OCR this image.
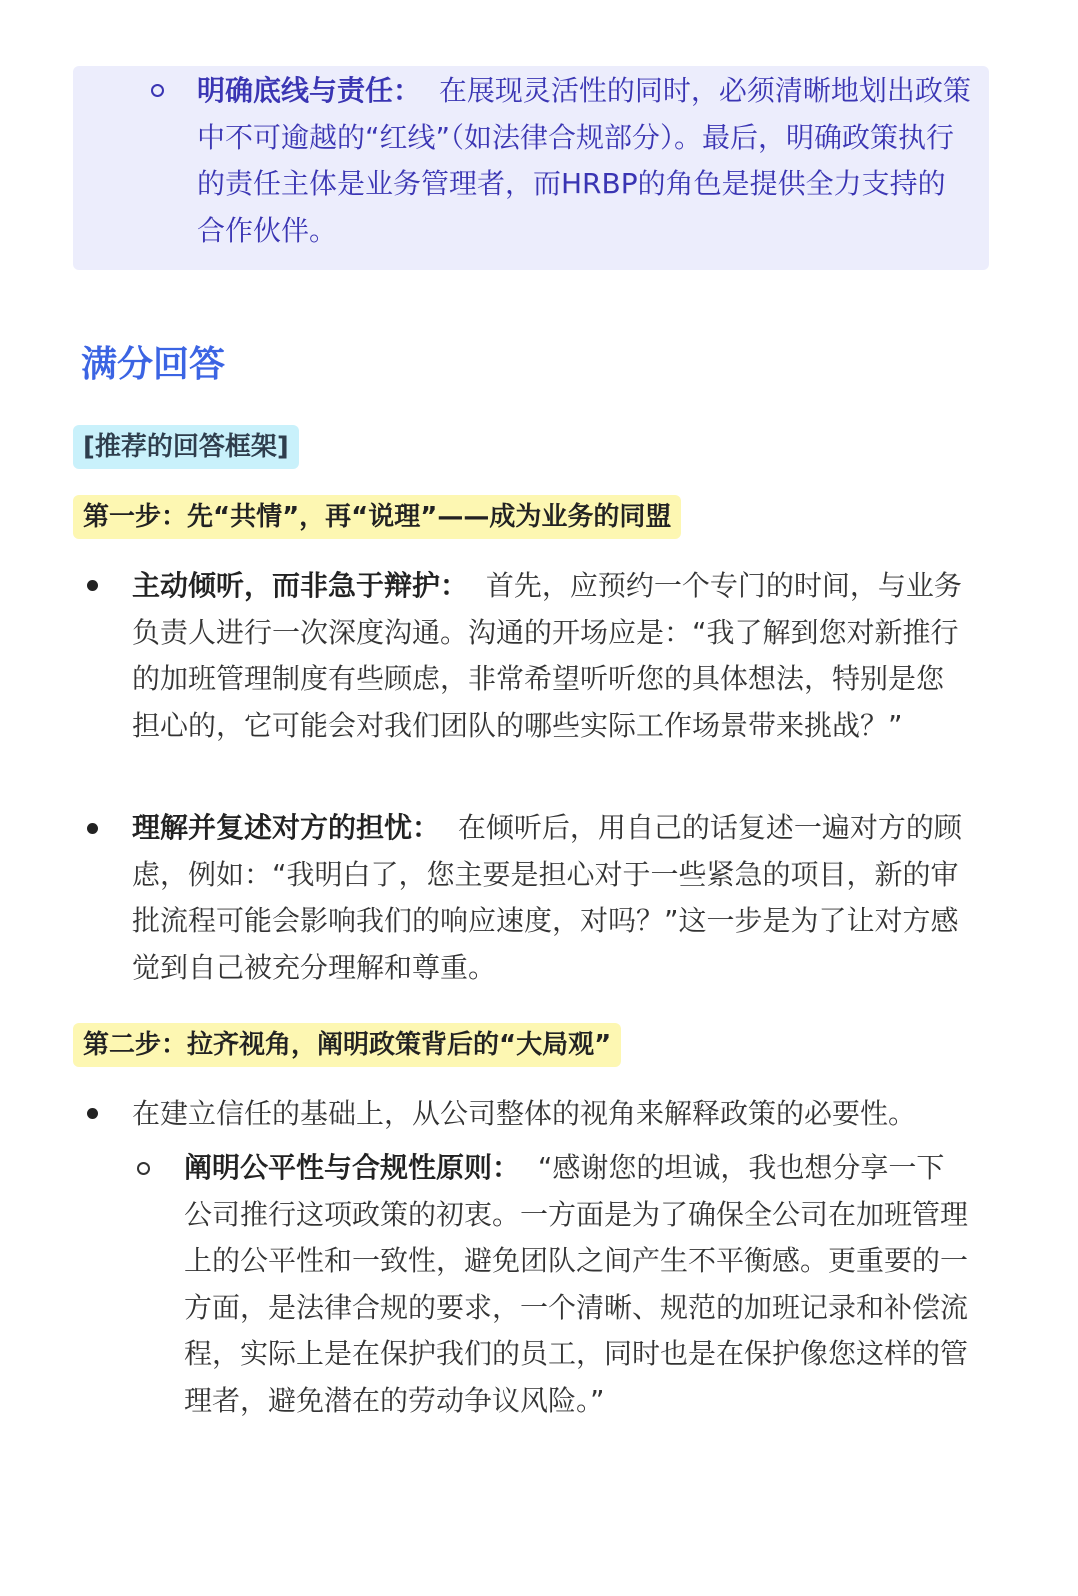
明确底线与责任： 在展现灵活性的同时，必须清晰地划出政策中不可逾越的“红线”（如法律合规部分）。最后，明确政策执行的责任主体是业务管理者，而HRBP的角色是提供全力支持的合作伙伴。
满分回答
[推荐的回答框架]
第一步：先“共情”，再“说理”——成为业务的同盟
主动倾听，而非急于辩护： 首先，应预约一个专门的时间，与业务负责人进行一次深度沟通。沟通的开场应是：“我了解到您对新推行的加班管理制度有些顾虑，非常希望听听您的具体想法，特别是您担心的，它可能会对我们团队的哪些实际工作场景带来挑战？”
理解并复述对方的担忧： 在倾听后，用自己的话复述一遍对方的顾虑，例如：“我明白了，您主要是担心对于一些紧急的项目，新的审批流程可能会影响我们的响应速度，对吗？”这一步是为了让对方感觉到自己被充分理解和尊重。
第二步：拉齐视角，阐明政策背后的“大局观”
在建立信任的基础上，从公司整体的视角来解释政策的必要性。
阐明公平性与合规性原则： “感谢您的坦诚，我也想分享一下公司推行这项政策的初衷。一方面是为了确保全公司在加班管理上的公平性和一致性，避免团队之间产生不平衡感。更重要的一方面，是法律合规的要求，一个清晰、规范的加班记录和补偿流程，实际上是在保护我们的员工，同时也是在保护像您这样的管理者，避免潜在的劳动争议风险。”
